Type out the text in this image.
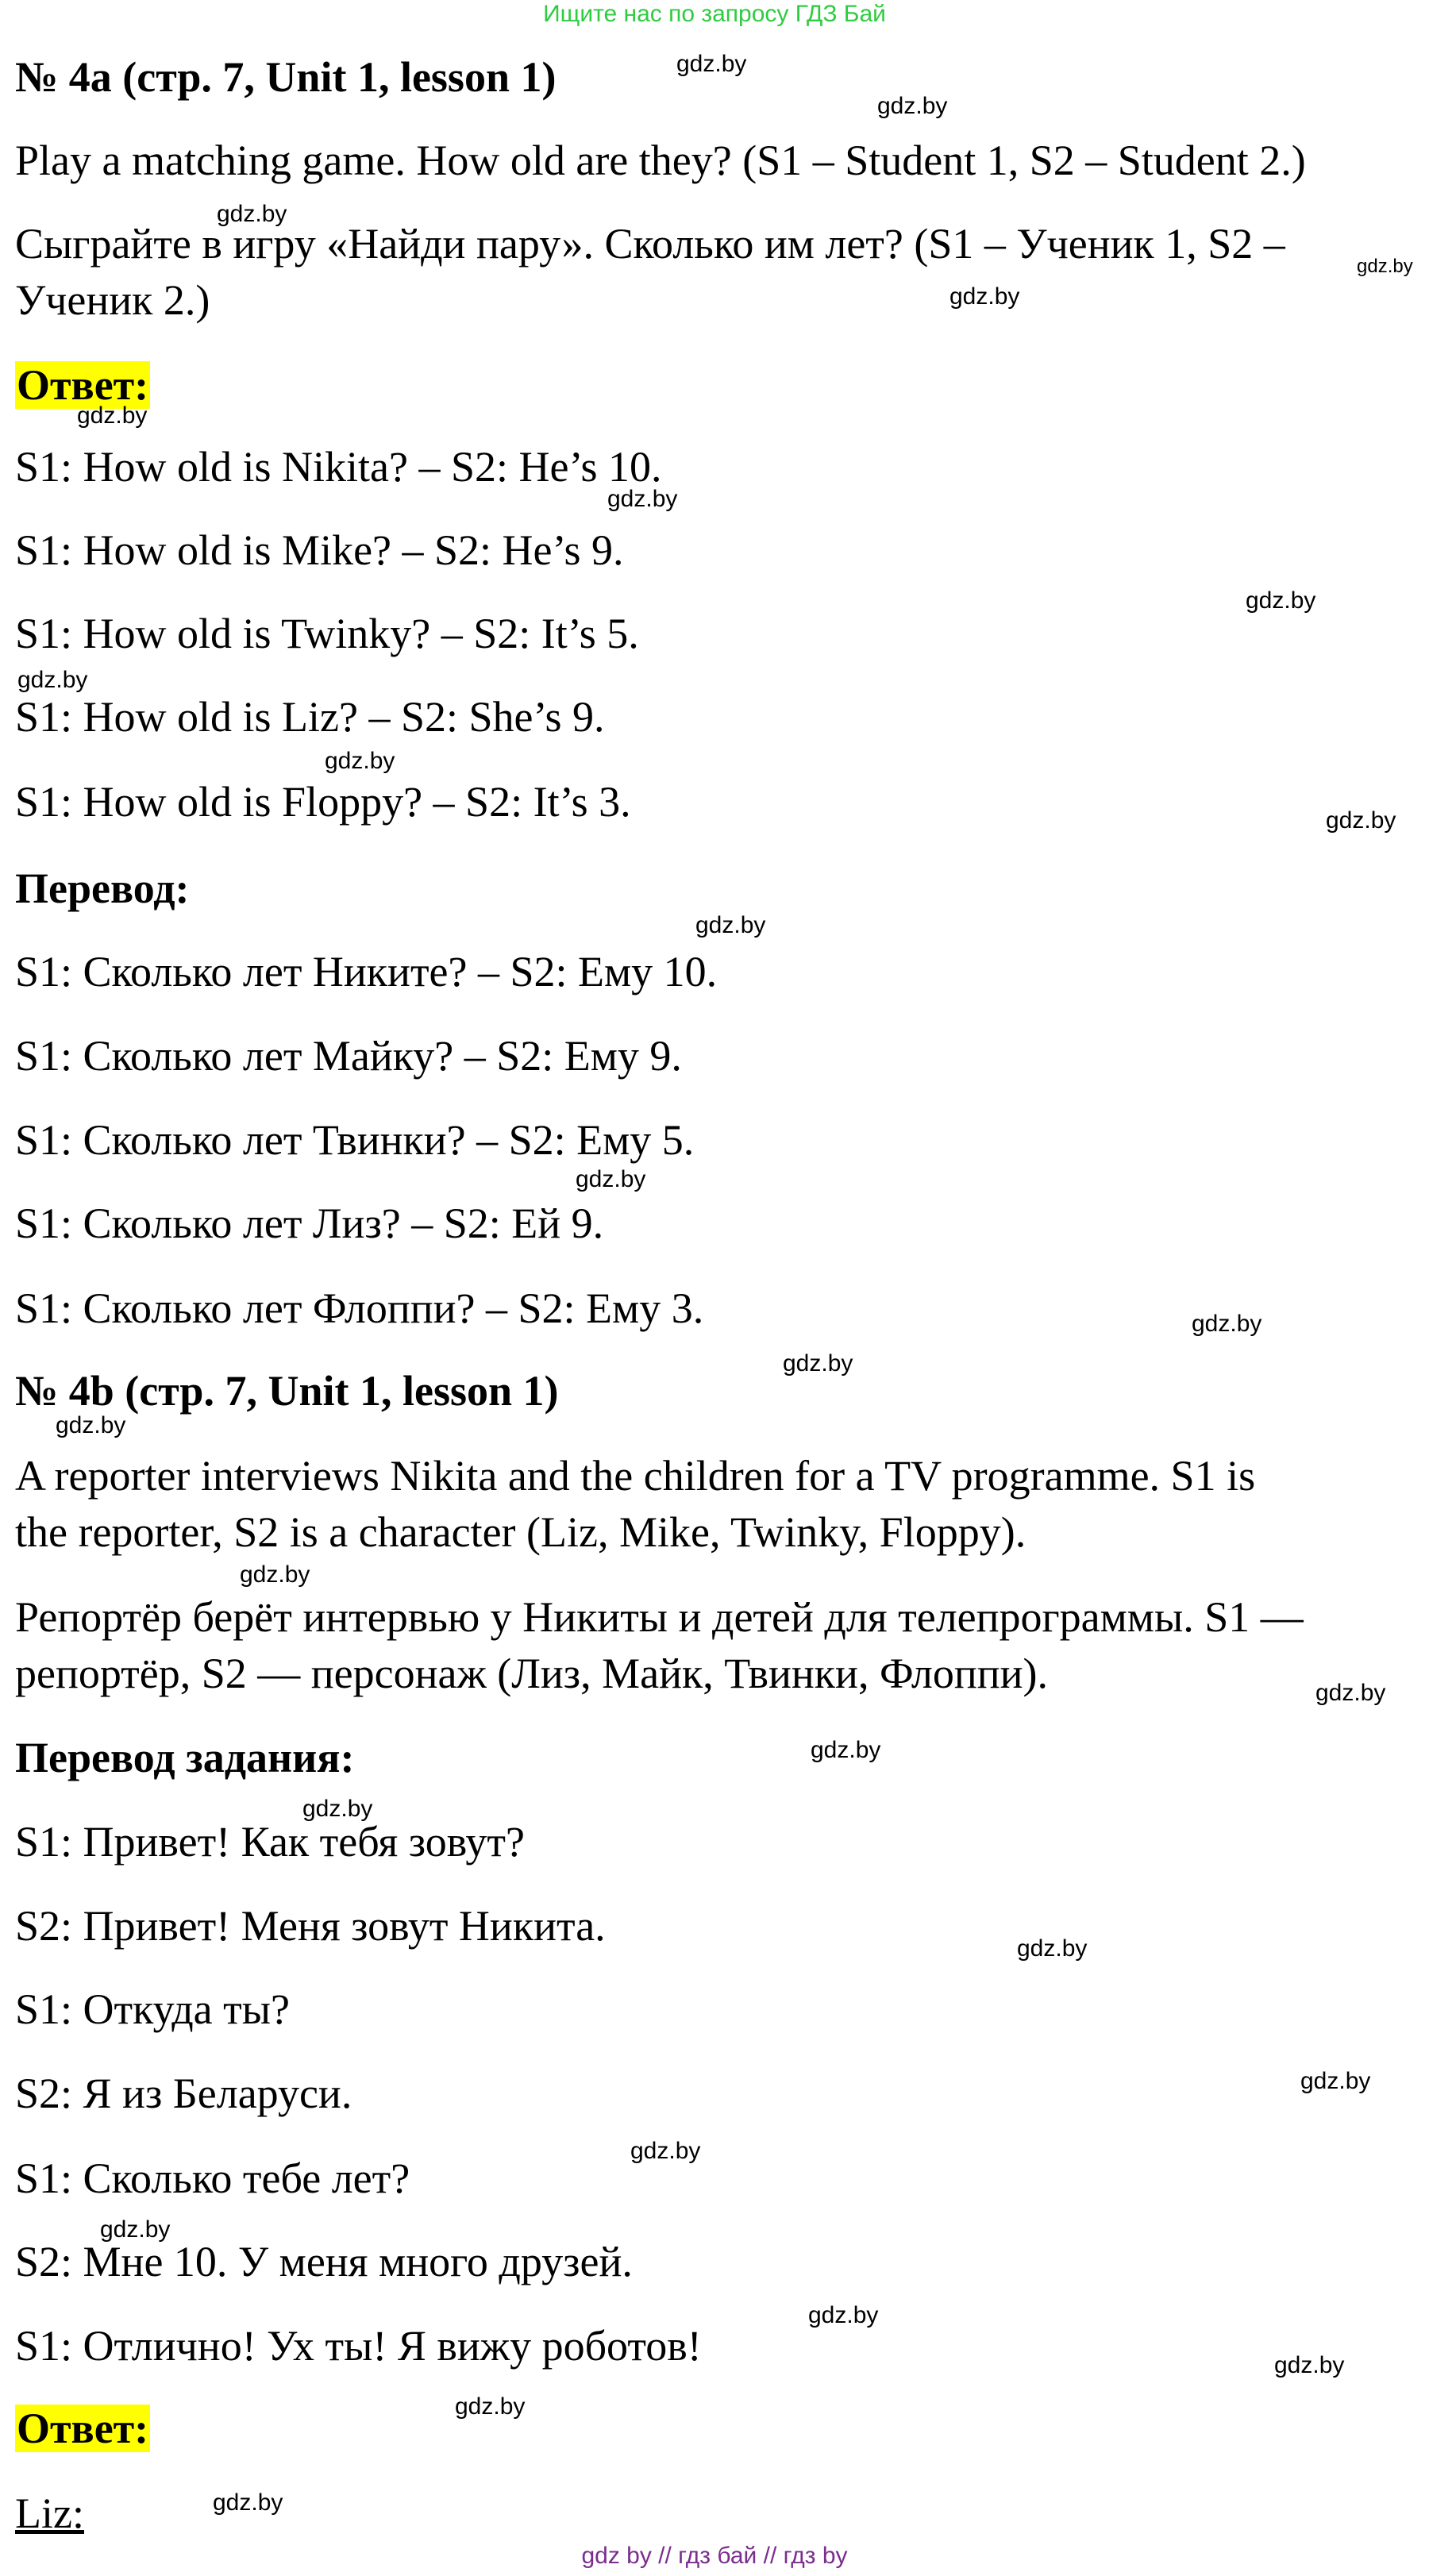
Ищите нас по запросу ГДЗ Бай
№ 4a (стр. 7, Unit 1, lesson 1)
Play a matching game. How old are they? (S1 – Student 1, S2 – Student 2.)
Сыграйте в игру «Найди пару». Сколько им лет? (S1 – Ученик 1, S2 –
Ученик 2.)
Ответ:
S1: How old is Nikita? – S2: He’s 10.
S1: How old is Mike? – S2: He’s 9.
S1: How old is Twinky? – S2: It’s 5.
S1: How old is Liz? – S2: She’s 9.
S1: How old is Floppy? – S2: It’s 3.
Перевод:
S1: Сколько лет Никите? – S2: Ему 10.
S1: Сколько лет Майку? – S2: Ему 9.
S1: Сколько лет Твинки? – S2: Ему 5.
S1: Сколько лет Лиз? – S2: Ей 9.
S1: Сколько лет Флоппи? – S2: Ему 3.
№ 4b (стр. 7, Unit 1, lesson 1)
A reporter interviews Nikita and the children for a TV programme. S1 is
the reporter, S2 is a character (Liz, Mike, Twinky, Floppy).
Репортёр берёт интервью у Никиты и детей для телепрограммы. S1 —
репортёр, S2 — персонаж (Лиз, Майк, Твинки, Флоппи).
Перевод задания:
S1: Привет! Как тебя зовут?
S2: Привет! Меня зовут Никита.
S1: Откуда ты?
S2: Я из Беларуси.
S1: Сколько тебе лет?
S2: Мне 10. У меня много друзей.
S1: Отлично! Ух ты! Я вижу роботов!
Ответ:
Liz:
gdz.by
gdz.by
gdz.by
gdz.by
gdz.by
gdz.by
gdz.by
gdz.by
gdz.by
gdz.by
gdz.by
gdz.by
gdz.by
gdz.by
gdz.by
gdz.by
gdz.by
gdz.by
gdz.by
gdz.by
gdz.by
gdz.by
gdz.by
gdz.by
gdz.by
gdz.by
gdz.by
gdz.by
gdz by // гдз бай // гдз by
